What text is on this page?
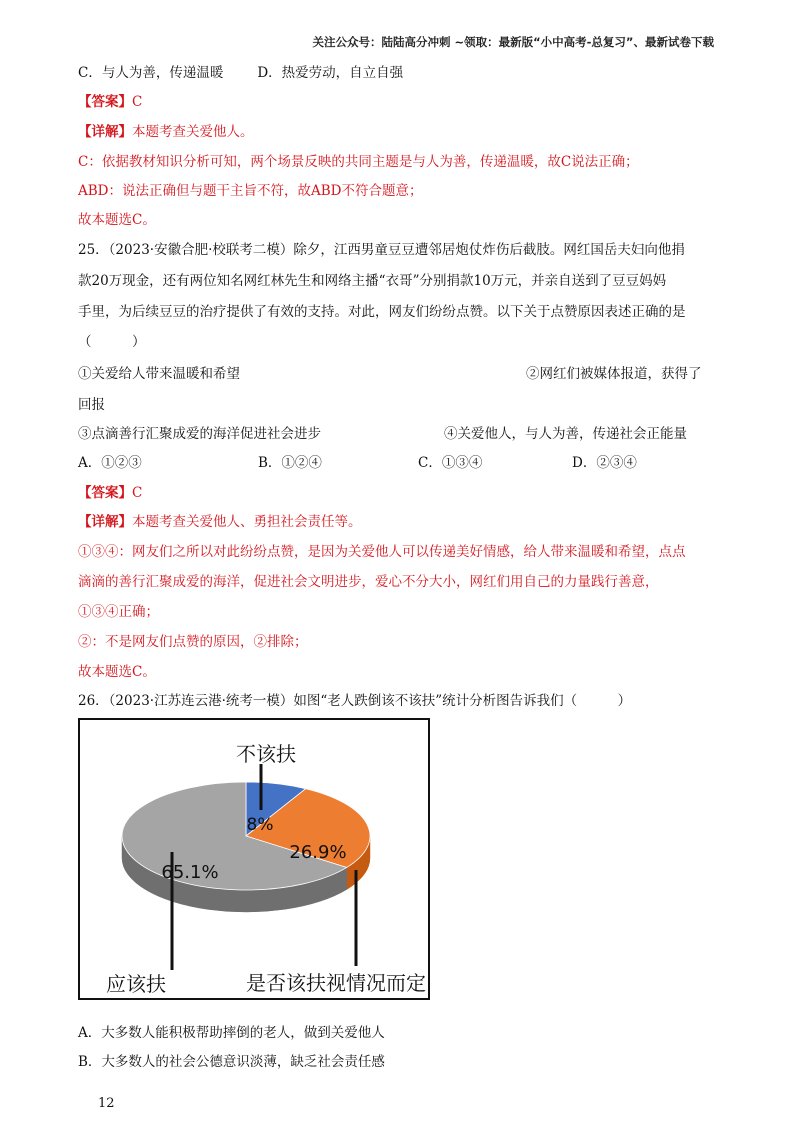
关注公众号：陆陆高分冲刺 ~领取：最新版“小中高考-总复习”、最新试卷下载
C．与人为善，传递温暖	D．热爱劳动，自立自强
【答案】C
【详解】本题考查关爱他人。
C：依据教材知识分析可知，两个场景反映的共同主题是与人为善，传递温暖，故C说法正确；
ABD：说法正确但与题干主旨不符，故ABD不符合题意；
故本题选C。
25．（2023·安徽合肥·校联考二模）除夕，江西男童豆豆遭邻居炮仗炸伤后截肢。网红国岳夫妇向他捐
款20万现金，还有两位知名网红林先生和网络主播“衣哥”分别捐款10万元，并亲自送到了豆豆妈妈
手里，为后续豆豆的治疗提供了有效的支持。对此，网友们纷纷点赞。以下关于点赞原因表述正确的是
（　　　）
①关爱给人带来温暖和希望	②网红们被媒体报道，获得了
回报
③点滴善行汇聚成爱的海洋促进社会进步	④关爱他人，与人为善，传递社会正能量
A．①②③	B．①②④	C．①③④	D．②③④
【答案】C
【详解】本题考查关爱他人、勇担社会责任等。
①③④：网友们之所以对此纷纷点赞，是因为关爱他人可以传递美好情感，给人带来温暖和希望，点点
滴滴的善行汇聚成爱的海洋，促进社会文明进步，爱心不分大小，网红们用自己的力量践行善意，
①③④正确；
②：不是网友们点赞的原因，②排除；
故本题选C。
26．（2023·江苏连云港·统考一模）如图“老人跌倒该不该扶”统计分析图告诉我们（　　　）
8%
26.9%
65.1%
不该扶
是否该扶视情况而定
应该扶
A．大多数人能积极帮助摔倒的老人，做到关爱他人
B．大多数人的社会公德意识淡薄，缺乏社会责任感
12
